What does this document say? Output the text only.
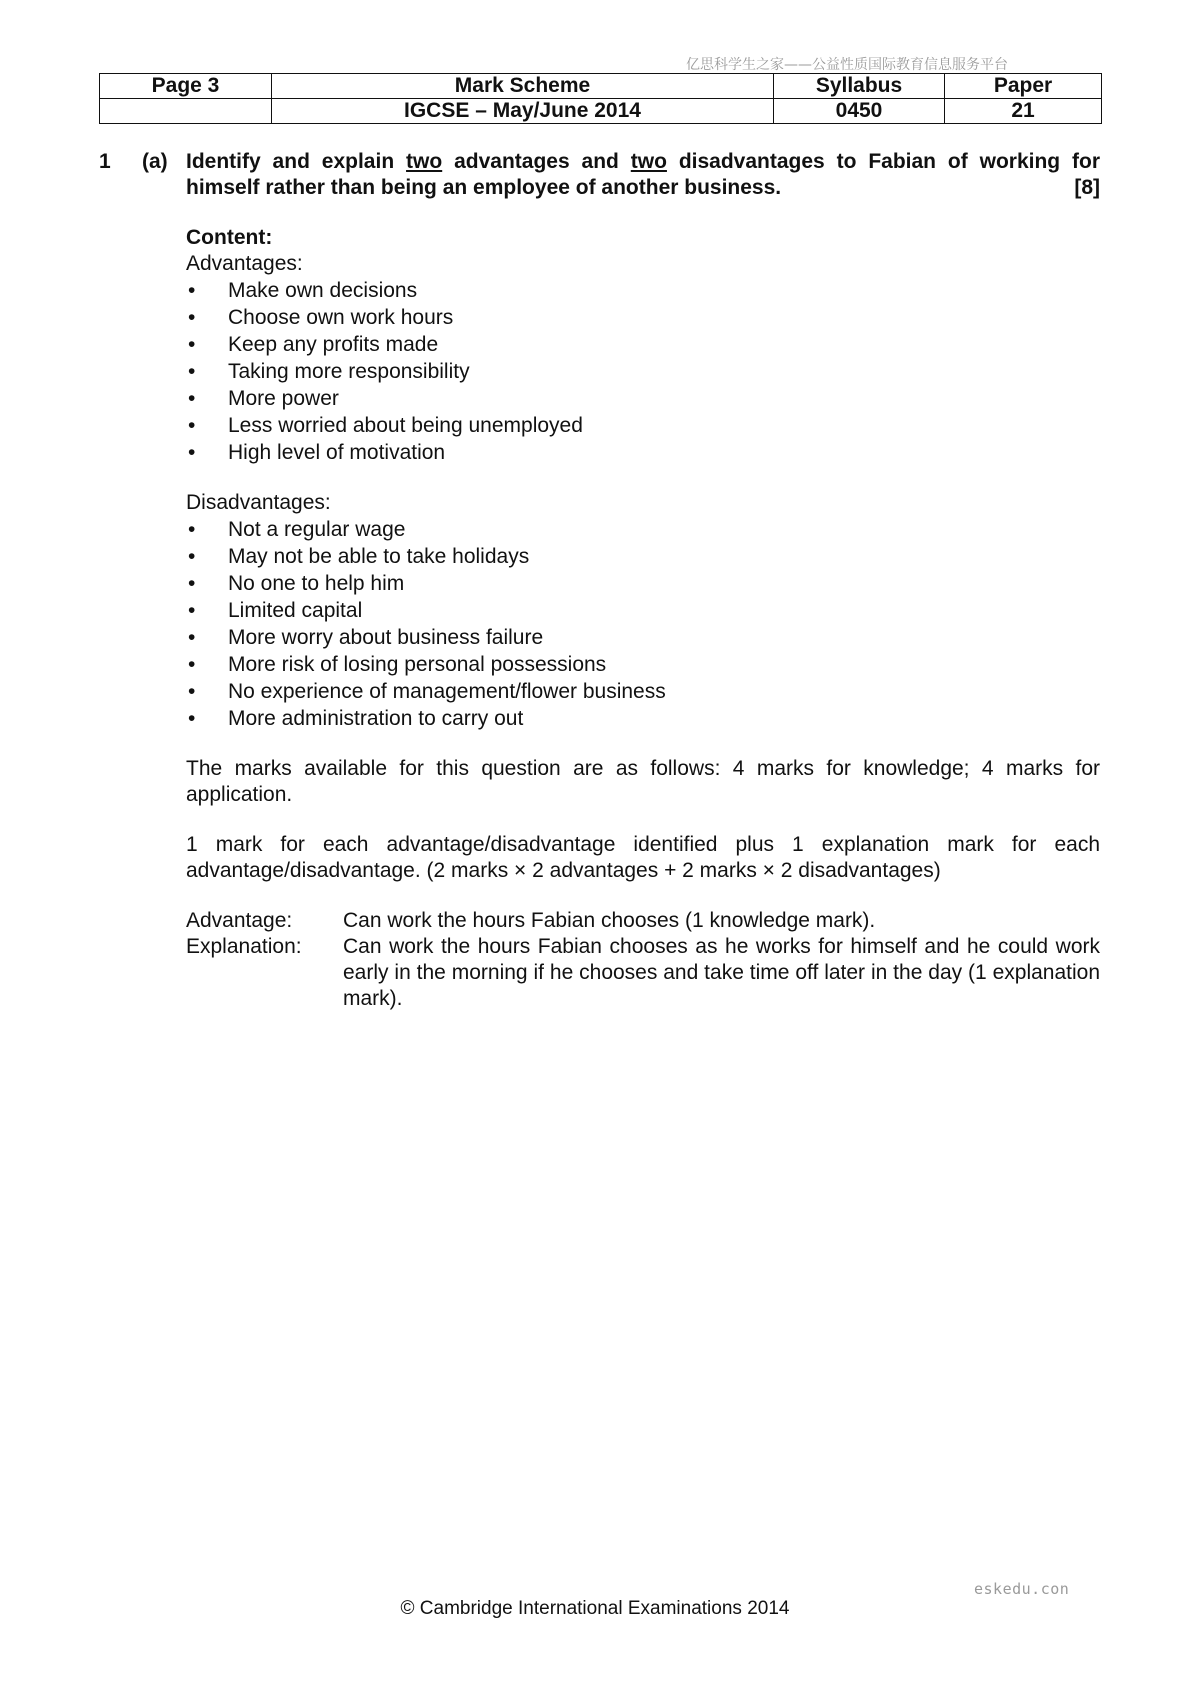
亿思科学生之家——公益性质国际教育信息服务平台
Page 3	Mark Scheme	Syllabus	Paper
	IGCSE – May/June 2014	0450	21
1 (a) Identify and explain two advantages and two disadvantages to Fabian of working for himself rather than being an employee of another business.	[8]

Content:

Advantages:

• Make own decisions
• Choose own work hours
• Keep any profits made
• Taking more responsibility
• More power
• Less worried about being unemployed
• High level of motivation

Disadvantages:

• Not a regular wage
• May not be able to take holidays
• No one to help him
• Limited capital
• More worry about business failure
• More risk of losing personal possessions
• No experience of management/flower business
• More administration to carry out

The marks available for this question are as follows: 4 marks for knowledge; 4 marks for application.

1 mark for each advantage/disadvantage identified plus 1 explanation mark for each advantage/disadvantage. (2 marks × 2 advantages + 2 marks × 2 disadvantages)

Advantage:	Can work the hours Fabian chooses (1 knowledge mark).
Explanation:	Can work the hours Fabian chooses as he works for himself and he could work early in the morning if he chooses and take time off later in the day (1 explanation mark).
eskedu.con
© Cambridge International Examinations 2014
